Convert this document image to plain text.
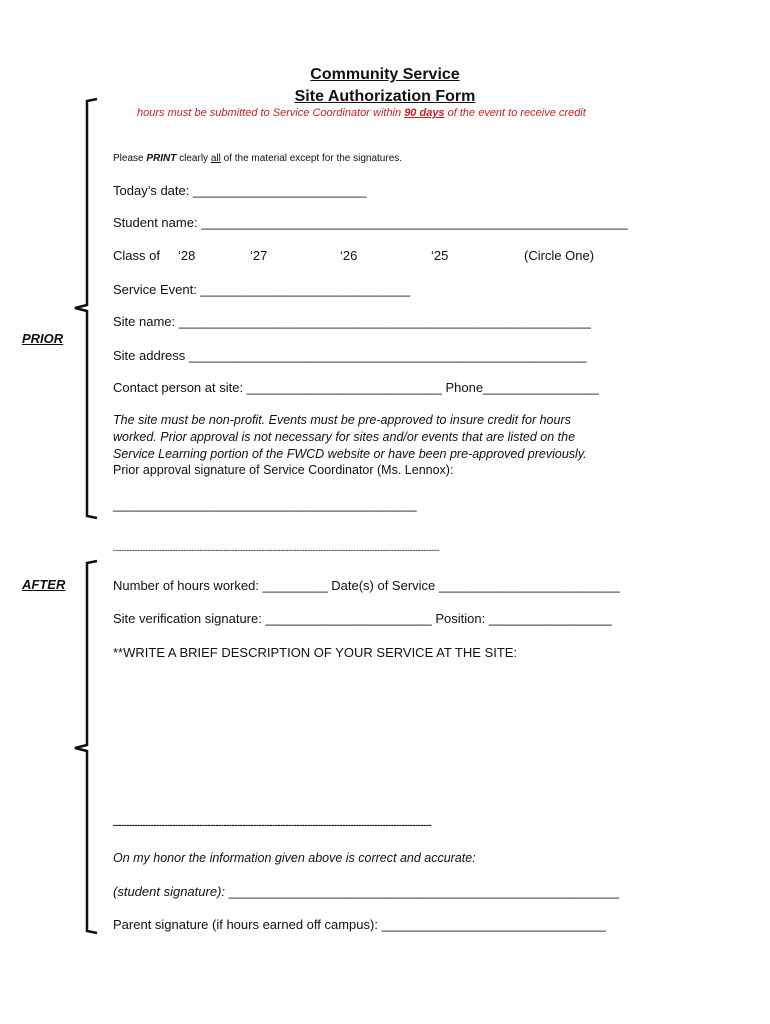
Community Service
Site Authorization Form
hours must be submitted to Service Coordinator within 90 days of the event to receive credit
Please PRINT clearly all of the material except for the signatures.
PRIOR
Today’s date: ________________________
Student name: ___________________________________________________________
Class of ‘28	‘27	‘26	‘25	(Circle One)
Service Event: _____________________________
Site name: _________________________________________________________
Site address _______________________________________________________
Contact person at site: ___________________________ Phone________________
The site must be non-profit. Events must be pre-approved to insure credit for hours
worked. Prior approval is not necessary for sites and/or events that are listed on the
Service Learning portion of the FWCD website or have been pre-approved previously.
Prior approval signature of Service Coordinator (Ms. Lennox):
__________________________________________
-------------------------------------------------------------------------------------------------------------------------
AFTER	Number of hours worked: _________ Date(s) of Service _________________________
Site verification signature: _______________________ Position: _________________
**WRITE A BRIEF DESCRIPTION OF YOUR SERVICE AT THE SITE:
----------------------------------------------------------------------------------------------------------------------
On my honor the information given above is correct and accurate:
(student signature): ______________________________________________________
Parent signature (if hours earned off campus): _______________________________
